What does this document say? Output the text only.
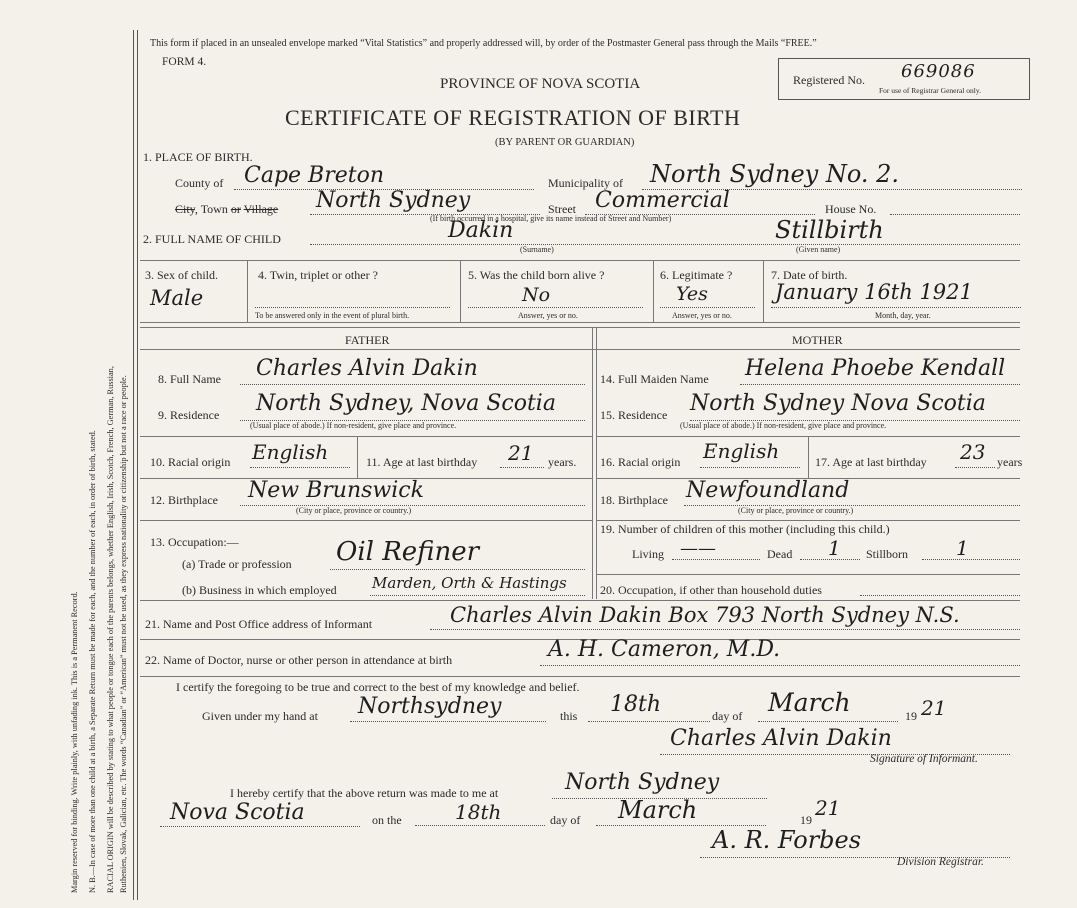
Margin reserved for binding. Write plainly, with unfading ink. This is a Permanent Record. N. B.—In case of more than one child at a birth, a Separate Return must be made for each, and the number of each, in order of birth, stated. RACIAL ORIGIN will be described by stating to what people or tongue each of the parents belongs, whether English, Irish, Scotch, French, German, Russian, Ruthenien, Slovak, Galician, etc. The words “Canadian” or “American” must not be used, as they express nationality or citizenship but not a race or people.
This form if placed in an unsealed envelope marked “Vital Statistics” and properly addressed will, by order of the Postmaster General pass through the Mails “FREE.”
FORM 4.
PROVINCE OF NOVA SCOTIA
CERTIFICATE OF REGISTRATION OF BIRTH
(BY PARENT OR GUARDIAN)
Registered No. 669086
For use of Registrar General only.
1. PLACE OF BIRTH.
County of Cape Breton	Municipality of North Sydney No. 2.
City, Town or Village North Sydney
(If birth occurred in a hospital, give its name instead of Street and Number)
Street Commercial	House No.
2. FULL NAME OF CHILD	Dakin
(Surname)
Stillbirth
(Given name)
3. Sex of child.
Male
4. Twin, triplet or other ?
To be answered only in the event of plural birth.
5. Was the child born alive ?
No
Answer, yes or no.
6. Legitimate ?
Yes
Answer, yes or no.
7. Date of birth.
January 16th 1921
Month, day, year.
FATHER	MOTHER
8. Full Name Charles Alvin Dakin
9. Residence North Sydney, Nova Scotia
(Usual place of abode.) If non-resident, give place and province.
10. Racial origin English	11. Age at last birthday 21 years.
12. Birthplace New Brunswick
(City or place, province or country.)
13. Occupation:—
(a) Trade or profession Oil Refiner
(b) Business in which employed Marden, Orth & Hastings
14. Full Maiden Name Helena Phoebe Kendall
15. Residence North Sydney Nova Scotia
(Usual place of abode.) If non-resident, give place and province.
16. Racial origin English	17. Age at last birthday 23 years
18. Birthplace Newfoundland
(City or place, province or country.)
19. Number of children of this mother (including this child.)
Living ——	Dead 1 Stillborn 1
20. Occupation, if other than household duties
21. Name and Post Office address of Informant	Charles Alvin Dakin Box 793 North Sydney N.S.
22. Name of Doctor, nurse or other person in attendance at birth	A. H. Cameron, M.D.
I certify the foregoing to be true and correct to the best of my knowledge and belief.
Given under my hand at Northsydney	this 18th	day of March	19 21
Charles Alvin Dakin
Signature of Informant.
I hereby certify that the above return was made to me at	North Sydney
Nova Scotia	on the	18th	day of March	19 21
A. R. Forbes
Division Registrar.
